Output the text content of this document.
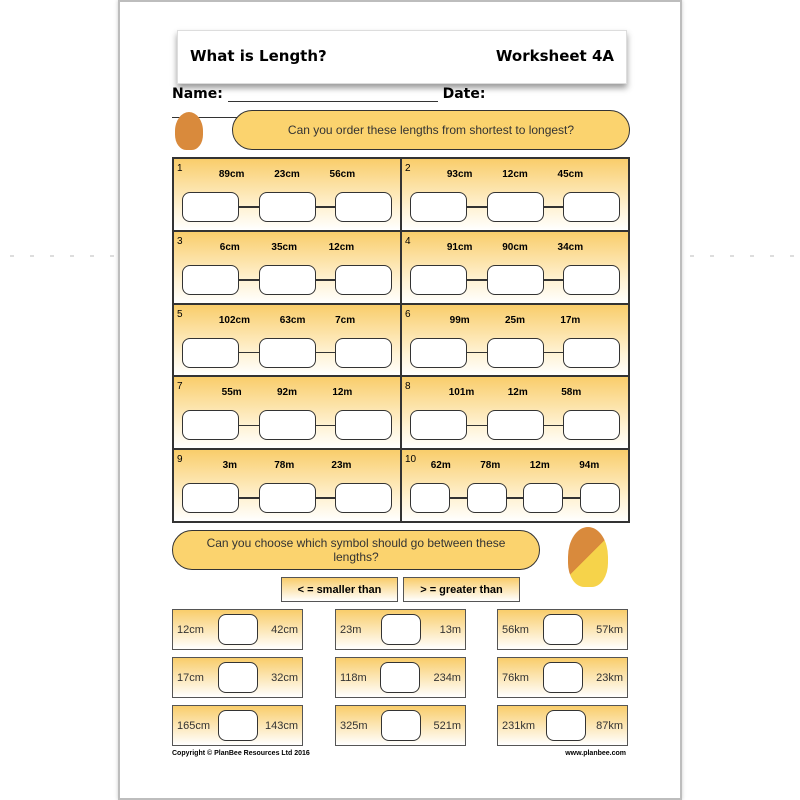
What is Length?	Worksheet 4A
Name:	Date:
Can you order these lengths from shortest to longest?
1
89cm	23cm	56cm
2
93cm	12cm	45cm
3
6cm	35cm	12cm
4
91cm	90cm	34cm
5
102cm	63cm	7cm
6
99m	25m	17m
7
55m	92m	12m
8
101m	12m	58m
9
3m	78m	23m
10
62m	78m	12m	94m
Can you choose which symbol should go between these lengths?
< = smaller than	> = greater than
12cm	42cm	23m	13m	56km	57km
17cm	32cm	118m	234m	76km	23km
165cm	143cm	325m	521m	231km	87km
Copyright © PlanBee Resources Ltd 2016	www.planbee.com
